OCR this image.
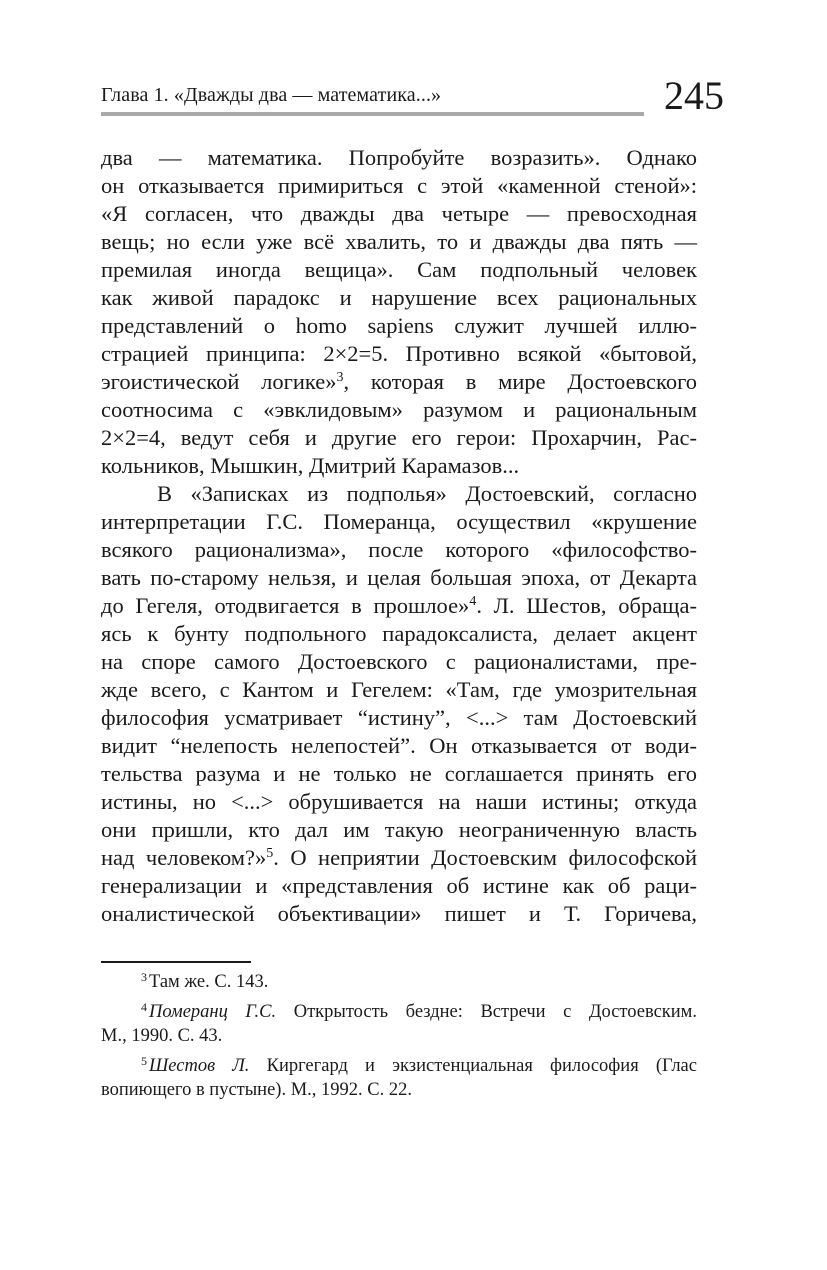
Глава 1. «Дважды два — математика...»	245
два — математика. Попробуйте возразить». Однако
он отказывается примириться с этой «каменной стеной»:
«Я согласен, что дважды два четыре — превосходная
вещь; но если уже всё хвалить, то и дважды два пять —
премилая иногда вещица». Сам подпольный человек
как живой парадокс и нарушение всех рациональных
представлений о homo sapiens служит лучшей иллю-
страцией принципа: 2×2=5. Противно всякой «бытовой,
эгоистической логике»$^3$, которая в мире Достоевского
соотносима с «эвклидовым» разумом и рациональным
2×2=4, ведут себя и другие его герои: Прохарчин, Рас-
кольников, Мышкин, Дмитрий Карамазов...
В «Записках из подполья» Достоевский, согласно
интерпретации Г.С. Померанца, осуществил «крушение
всякого рационализма», после которого «философство-
вать по-старому нельзя, и целая большая эпоха, от Декарта
до Гегеля, отодвигается в прошлое»$^4$. Л. Шестов, обраща-
ясь к бунту подпольного парадоксалиста, делает акцент
на споре самого Достоевского с рационалистами, пре-
жде всего, с Кантом и Гегелем: «Там, где умозрительная
философия усматривает “истину”, <...> там Достоевский
видит “нелепость нелепостей”. Он отказывается от води-
тельства разума и не только не соглашается принять его
истины, но <...> обрушивается на наши истины; откуда
они пришли, кто дал им такую неограниченную власть
над человеком?»$^5$. О неприятии Достоевским философской
генерализации и «представления об истине как об раци-
оналистической объективации» пишет и Т. Горичева,
$^3$ Там же. С. 143.
$^4$ Померанц Г.С. Открытость бездне: Встречи с Достоевским.
М., 1990. С. 43.
$^5$ Шестов Л. Киргегард и экзистенциальная философия (Глас
вопиющего в пустыне). М., 1992. С. 22.
